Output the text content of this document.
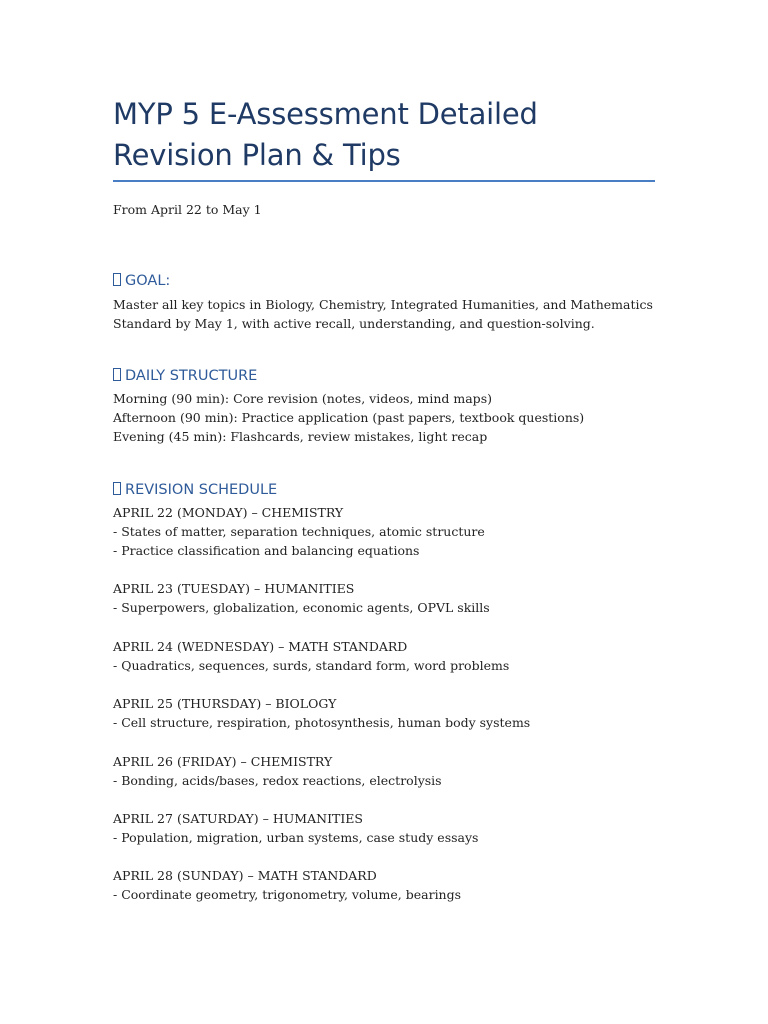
MYP 5 E-Assessment Detailed Revision Plan & Tips

From April 22 to May 1

GOAL:

Master all key topics in Biology, Chemistry, Integrated Humanities, and Mathematics

Standard by May 1, with active recall, understanding, and question-solving.

DAILY STRUCTURE

Morning (90 min): Core revision (notes, videos, mind maps)

Afternoon (90 min): Practice application (past papers, textbook questions)

Evening (45 min): Flashcards, review mistakes, light recap

REVISION SCHEDULE

APRIL 22 (MONDAY) – CHEMISTRY

- States of matter, separation techniques, atomic structure

- Practice classification and balancing equations

APRIL 23 (TUESDAY) – HUMANITIES

- Superpowers, globalization, economic agents, OPVL skills

APRIL 24 (WEDNESDAY) – MATH STANDARD

- Quadratics, sequences, surds, standard form, word problems

APRIL 25 (THURSDAY) – BIOLOGY

- Cell structure, respiration, photosynthesis, human body systems

APRIL 26 (FRIDAY) – CHEMISTRY

- Bonding, acids/bases, redox reactions, electrolysis

APRIL 27 (SATURDAY) – HUMANITIES

- Population, migration, urban systems, case study essays

APRIL 28 (SUNDAY) – MATH STANDARD

- Coordinate geometry, trigonometry, volume, bearings
